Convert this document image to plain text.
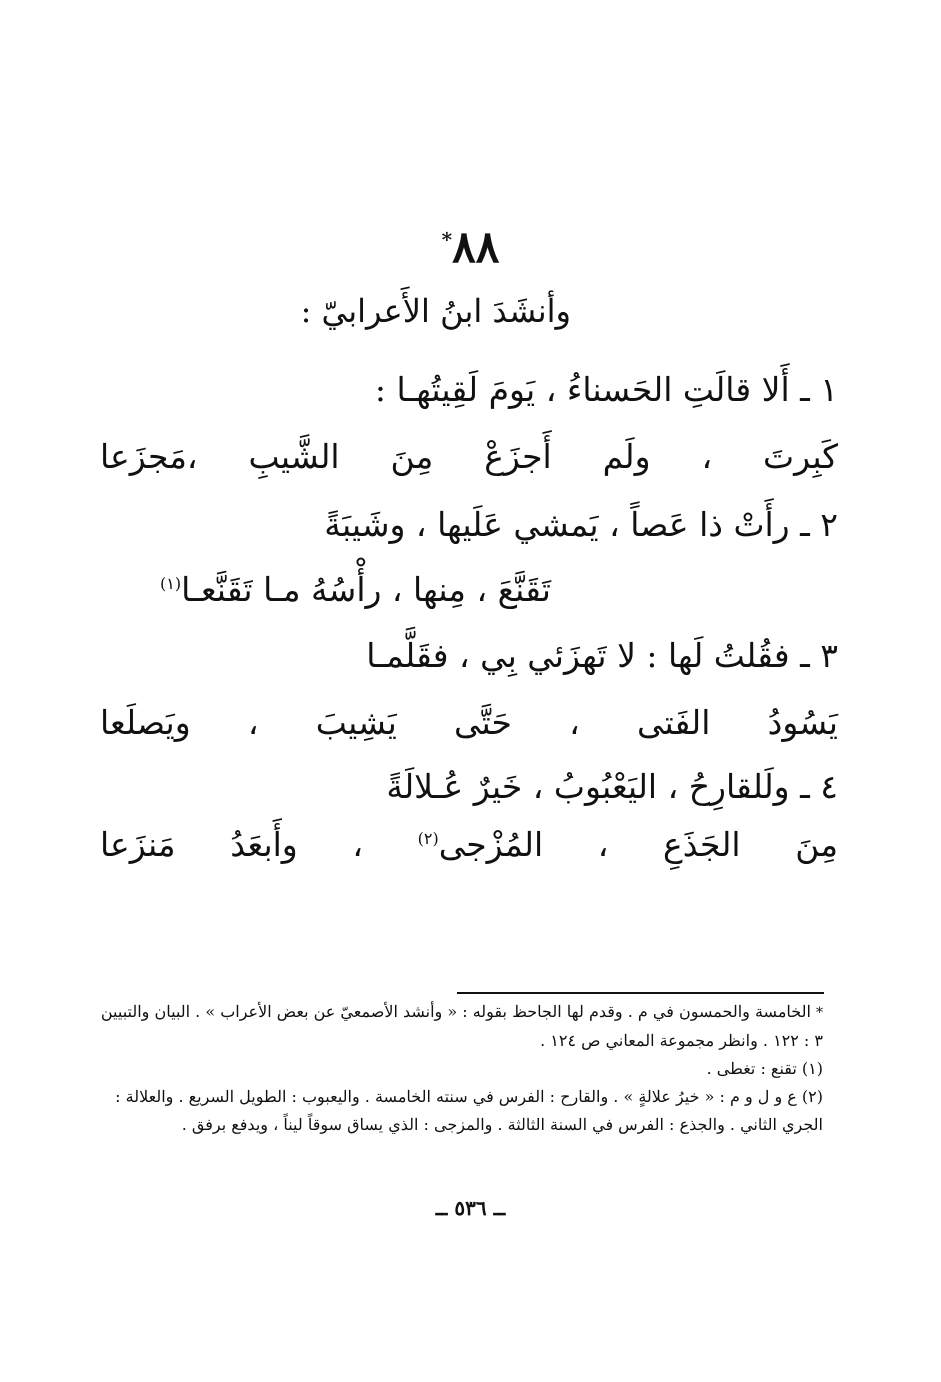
٨٨*
وأنشَدَ ابنُ الأَعرابيّ :
١ ـ أَلا قالَتِ الحَسناءُ ، يَومَ لَقِيتُهـا :
كَبِرتَ ، ولَم أَجزَعْ مِنَ الشَّيبِ ،مَجزَعا
٢ ـ رأَتْ ذا عَصاً ، يَمشي عَلَيها ، وشَيبَةً
تَقَنَّعَ ، مِنها ، رأْسُهُ مـا تَقَنَّعـا$^{(١)}$
٣ ـ فقُلتُ لَها : لا تَهزَئي بِي ، فقَلَّمـا
يَسُودُ الفَتى ، حَتَّى يَشِيبَ ، ويَصلَعا
٤ ـ ولَلقارِحُ ، اليَعْبُوبُ ، خَيرٌ عُـلالَةً
مِنَ الجَذَعِ ، المُزْجى$^{(٢)}$ ، وأَبعَدُ مَنزَعا

* الخامسة والحمسون في م . وقدم لها الجاحظ بقوله : « وأنشد الأصمعيّ عن بعض الأعراب » . البيان والتبيين ٣ : ١٢٢ . وانظر مجموعة المعاني ص ١٢٤ .

(١) تقنع : تغطى .

(٢) ع و ل و م : « خيرُ علالةٍ » . والقارح : الفرس في سنته الخامسة . واليعبوب : الطويل السريع . والعلالة : الجري الثاني . والجذع : الفرس في السنة الثالثة . والمزجى : الذي يساق سوقاً ليناً ، ويدفع برفق .

ــ ٥٣٦ ــ
